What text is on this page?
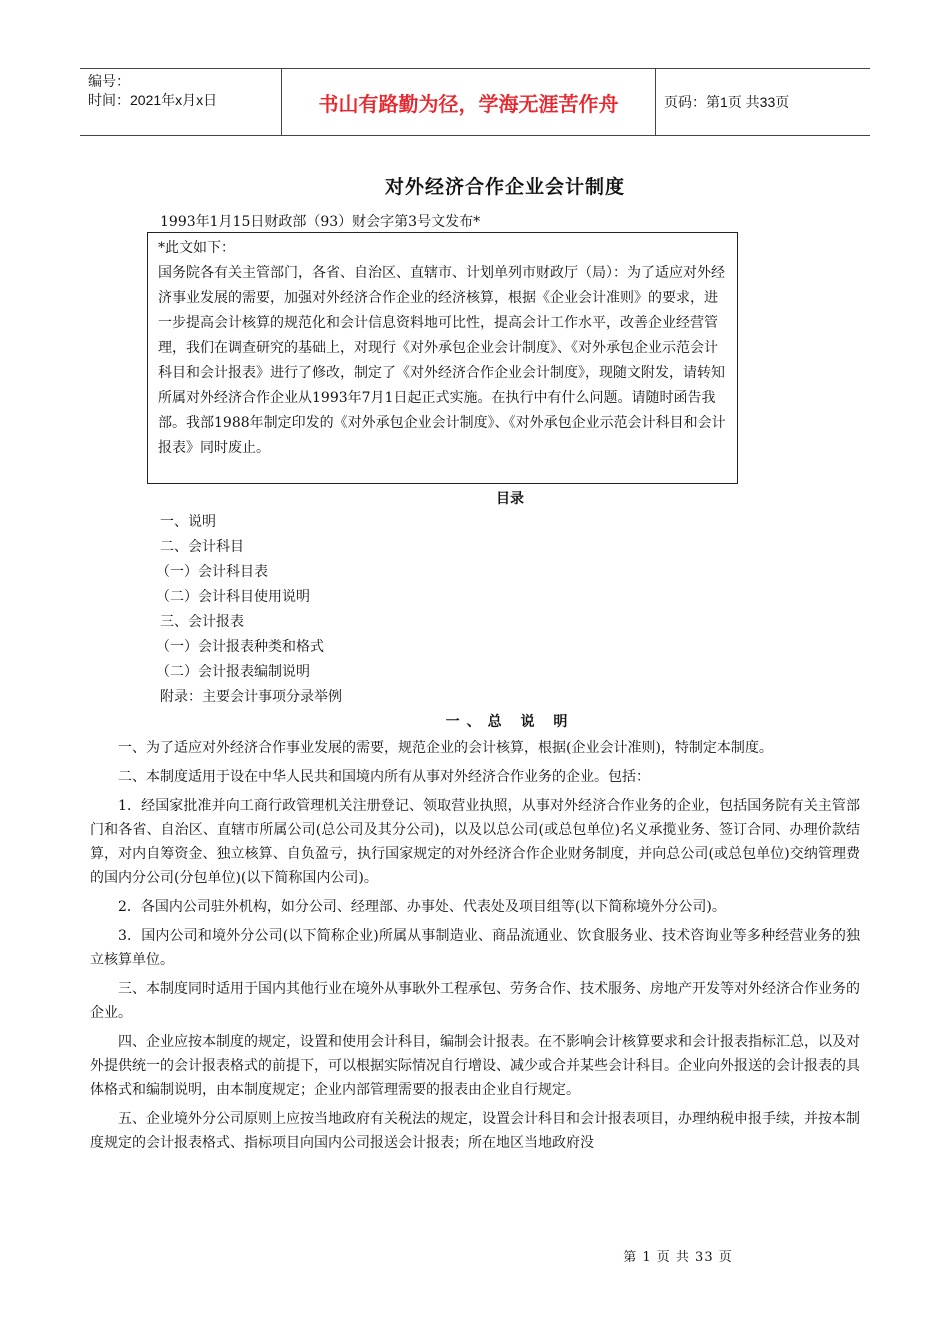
编号：
时间：2021年x月x日	书山有路勤为径，学海无涯苦作舟	页码：第1页 共33页
对外经济合作企业会计制度
1993年1月15日财政部（93）财会字第3号文发布*

*此文如下：

国务院各有关主管部门，各省、自治区、直辖市、计划单列市财政厅（局）：为了适应对外经济事业发展的需要，加强对外经济合作企业的经济核算，根据《企业会计准则》的要求，进一步提高会计核算的规范化和会计信息资料地可比性，提高会计工作水平，改善企业经营管理，我们在调查研究的基础上，对现行《对外承包企业会计制度》、《对外承包企业示范会计科目和会计报表》进行了修改，制定了《对外经济合作企业会计制度》，现随文附发，请转知所属对外经济合作企业从1993年7月1日起正式实施。在执行中有什么问题。请随时函告我部。我部1988年制定印发的《对外承包企业会计制度》、《对外承包企业示范会计科目和会计报表》同时废止。

目录
一、说明
二、会计科目
（一）会计科目表
（二）会计科目使用说明
三、会计报表
（一）会计报表种类和格式
（二）会计报表编制说明
附录：主要会计事项分录举例
一、总 说 明

一、为了适应对外经济合作事业发展的需要，规范企业的会计核算，根据(企业会计准则)，特制定本制度。

二、本制度适用于设在中华人民共和国境内所有从事对外经济合作业务的企业。包括：

1．经国家批准并向工商行政管理机关注册登记、领取营业执照，从事对外经济合作业务的企业，包括国务院有关主管部门和各省、自治区、直辖市所属公司(总公司及其分公司)，以及以总公司(或总包单位)名义承揽业务、签订合同、办理价款结算，对内自筹资金、独立核算、自负盈亏，执行国家规定的对外经济合作企业财务制度，并向总公司(或总包单位)交纳管理费的国内分公司(分包单位)(以下简称国内公司)。

2．各国内公司驻外机构，如分公司、经理部、办事处、代表处及项目组等(以下简称境外分公司)。

3．国内公司和境外分公司(以下简称企业)所属从事制造业、商品流通业、饮食服务业、技术咨询业等多种经营业务的独立核算单位。

三、本制度同时适用于国内其他行业在境外从事耿外工程承包、劳务合作、技术服务、房地产开发等对外经济合作业务的企业。

四、企业应按本制度的规定，设置和使用会计科目，编制会计报表。在不影响会计核算要求和会计报表指标汇总，以及对外提供统一的会计报表格式的前提下，可以根据实际情况自行增设、减少或合并某些会计科目。企业向外报送的会计报表的具体格式和编制说明，由本制度规定；企业内部管理需要的报表由企业自行规定。

五、企业境外分公司原则上应按当地政府有关税法的规定，设置会计科目和会计报表项目，办理纳税申报手续，并按本制度规定的会计报表格式、指标项目向国内公司报送会计报表；所在地区当地政府没

第 1 页 共 33 页
